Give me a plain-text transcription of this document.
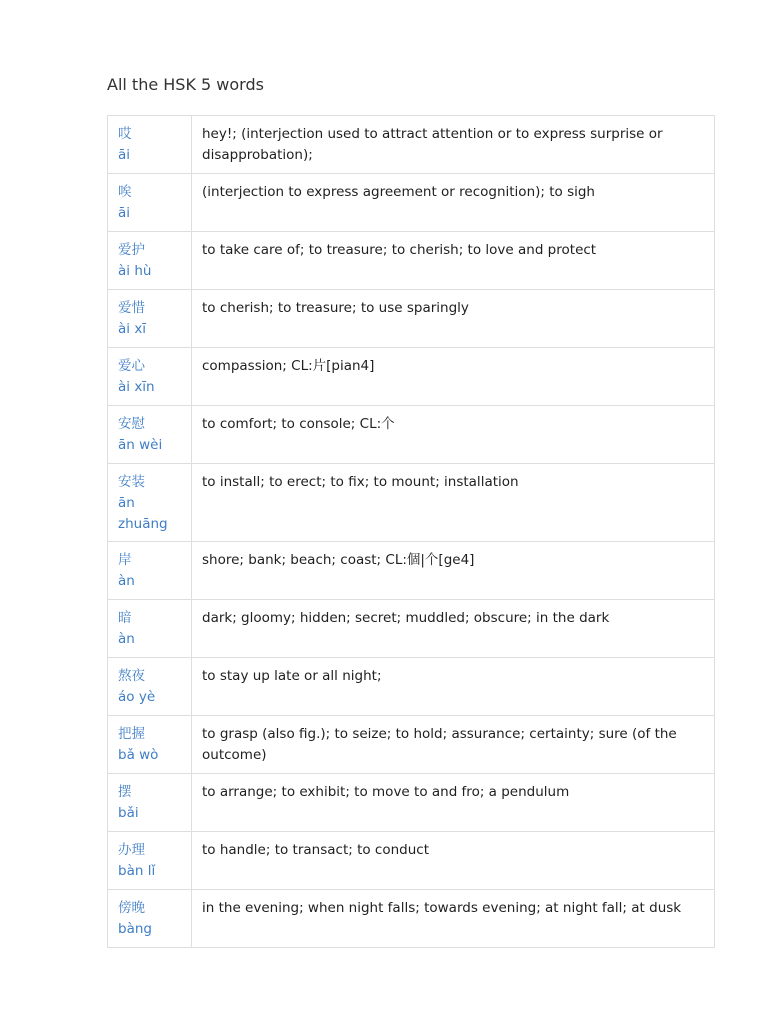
All the HSK 5 words
哎
āi	hey!; (interjection used to attract attention or to express surprise or disapprobation);

唉
āi	(interjection to express agreement or recognition); to sigh

爱护
ài hù	to take care of; to treasure; to cherish; to love and protect

爱惜
ài xī	to cherish; to treasure; to use sparingly

爱心
ài xīn	compassion; CL:片[pian4]

安慰
ān wèi	to comfort; to console; CL:个

安装
ān zhuāng	to install; to erect; to fix; to mount; installation

岸
àn	shore; bank; beach; coast; CL:個|个[ge4]

暗
àn	dark; gloomy; hidden; secret; muddled; obscure; in the dark

熬夜
áo yè	to stay up late or all night;

把握
bǎ wò	to grasp (also fig.); to seize; to hold; assurance; certainty; sure (of the outcome)

摆
bǎi	to arrange; to exhibit; to move to and fro; a pendulum

办理
bàn lǐ	to handle; to transact; to conduct

傍晚
bàng	in the evening; when night falls; towards evening; at night fall; at dusk
